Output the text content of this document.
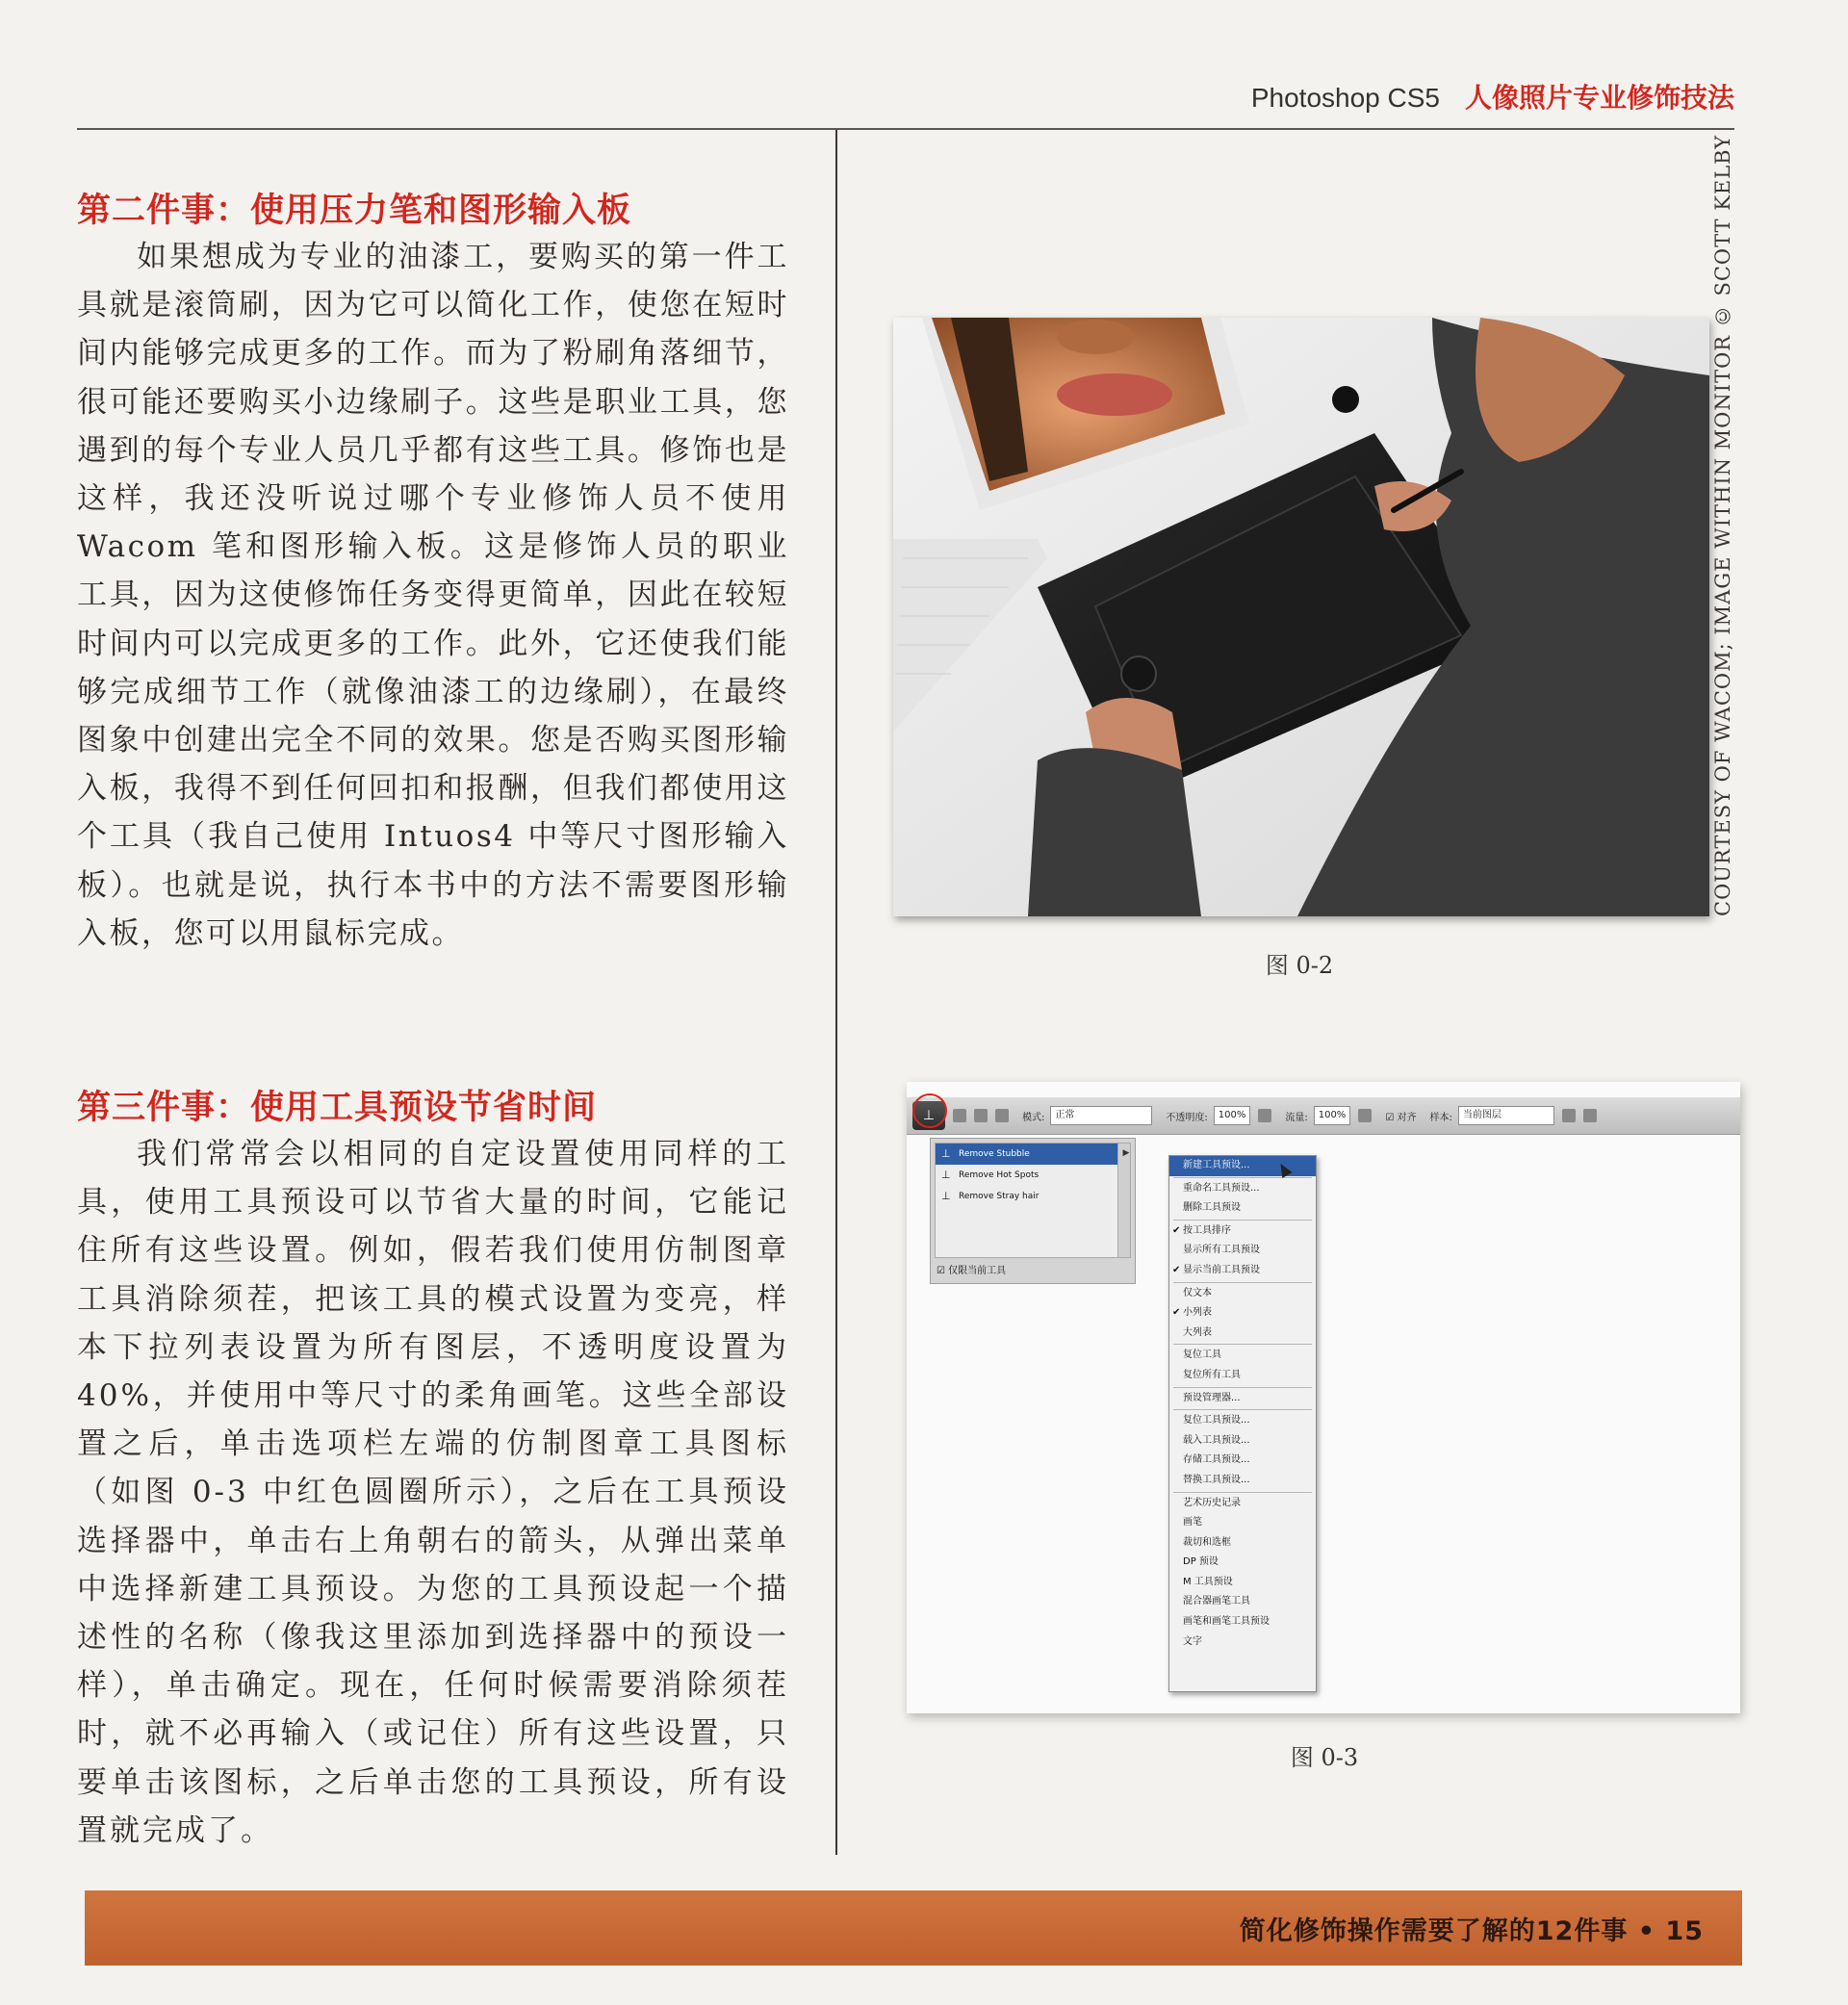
Photoshop CS5 人像照片专业修饰技法
第二件事：使用压力笔和图形输入板

如果想成为专业的油漆工，要购买的第一件工具就是滚筒刷，因为它可以简化工作，使您在短时间内能够完成更多的工作。而为了粉刷角落细节，很可能还要购买小边缘刷子。这些是职业工具，您遇到的每个专业人员几乎都有这些工具。修饰也是这样，我还没听说过哪个专业修饰人员不使用 Wacom 笔和图形输入板。这是修饰人员的职业工具，因为这使修饰任务变得更简单，因此在较短时间内可以完成更多的工作。此外，它还使我们能够完成细节工作（就像油漆工的边缘刷），在最终图象中创建出完全不同的效果。您是否购买图形输入板，我得不到任何回扣和报酬，但我们都使用这个工具（我自己使用 Intuos4 中等尺寸图形输入板）。也就是说，执行本书中的方法不需要图形输入板，您可以用鼠标完成。

第三件事：使用工具预设节省时间

我们常常会以相同的自定设置使用同样的工具，使用工具预设可以节省大量的时间，它能记住所有这些设置。例如，假若我们使用仿制图章工具消除须茬，把该工具的模式设置为变亮，样本下拉列表设置为所有图层，不透明度设置为 40%，并使用中等尺寸的柔角画笔。这些全部设置之后，单击选项栏左端的仿制图章工具图标（如图 0-3 中红色圆圈所示），之后在工具预设选择器中，单击右上角朝右的箭头，从弹出菜单中选择新建工具预设。为您的工具预设起一个描述性的名称（像我这里添加到选择器中的预设一样），单击确定。现在，任何时候需要消除须茬时，就不必再输入（或记住）所有这些设置，只要单击该图标，之后单击您的工具预设，所有设置就完成了。

COURTESY OF WACOM; IMAGE WITHIN MONITOR © SCOTT KELBY
图 0-2
⊥	模式:	正常	不透明度:	100%	流量:	100%	☑ 对齐 样本:	当前图层
⊥ Remove Stubble
⊥ Remove Hot Spots
⊥ Remove Stray hair
☑ 仅限当前工具
▶
新建工具预设...
重命名工具预设...
删除工具预设
✔ 按工具排序
显示所有工具预设
✔ 显示当前工具预设
仅文本
✔ 小列表
大列表
复位工具
复位所有工具
预设管理器...
复位工具预设...
载入工具预设...
存储工具预设...
替换工具预设...
艺术历史记录
画笔
裁切和选框
DP 预设
M 工具预设
混合器画笔工具
画笔和画笔工具预设
文字
图 0-3
简化修饰操作需要了解的12件事 • 15
